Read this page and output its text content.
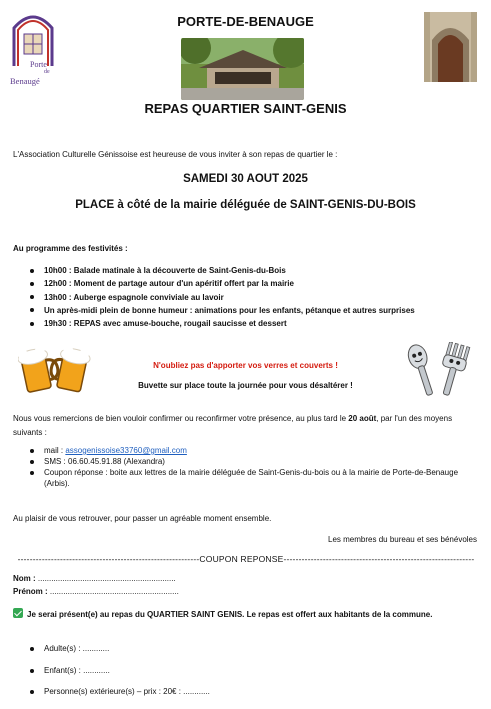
Porte
de
Benaugé
PORTE-DE-BENAUGE
REPAS QUARTIER SAINT-GENIS
L'Association Culturelle Génissoise est heureuse de vous inviter à son repas de quartier le :
SAMEDI 30 AOUT 2025
PLACE à côté de la mairie déléguée de SAINT-GENIS-DU-BOIS
Au programme des festivités :
10h00 : Balade matinale à la découverte de Saint-Genis-du-Bois
12h00 : Moment de partage autour d'un apéritif offert par la mairie
13h00 : Auberge espagnole conviviale au lavoir
Un après-midi plein de bonne humeur : animations pour les enfants, pétanque et autres surprises
19h30 : REPAS avec amuse-bouche, rougail saucisse et dessert
N'oubliez pas d'apporter vos verres et couverts !
Buvette sur place toute la journée pour vous désaltérer !
Nous vous remercions de bien vouloir confirmer ou reconfirmer votre présence, au plus tard le 20 août, par l'un des moyens suivants :
mail : assogenissoise33760@gmail.com
SMS : 06.60.45.91.88 (Alexandra)
Coupon réponse : boite aux lettres de la mairie déléguée de Saint-Genis-du-bois ou à la mairie de Porte-de-Benauge (Arbis).
Au plaisir de vous retrouver, pour passer un agréable moment ensemble.
Les membres du bureau et ses bénévoles
------------------------------------------------------------COUPON REPONSE---------------------------------------------------------------
Nom : ..............................................................
Prénom : ..........................................................
Je serai présent(e) au repas du QUARTIER SAINT GENIS. Le repas est offert aux habitants de la commune.
Adulte(s) : ............
Enfant(s) : ............
Personne(s) extérieure(s) – prix : 20€ : ............
